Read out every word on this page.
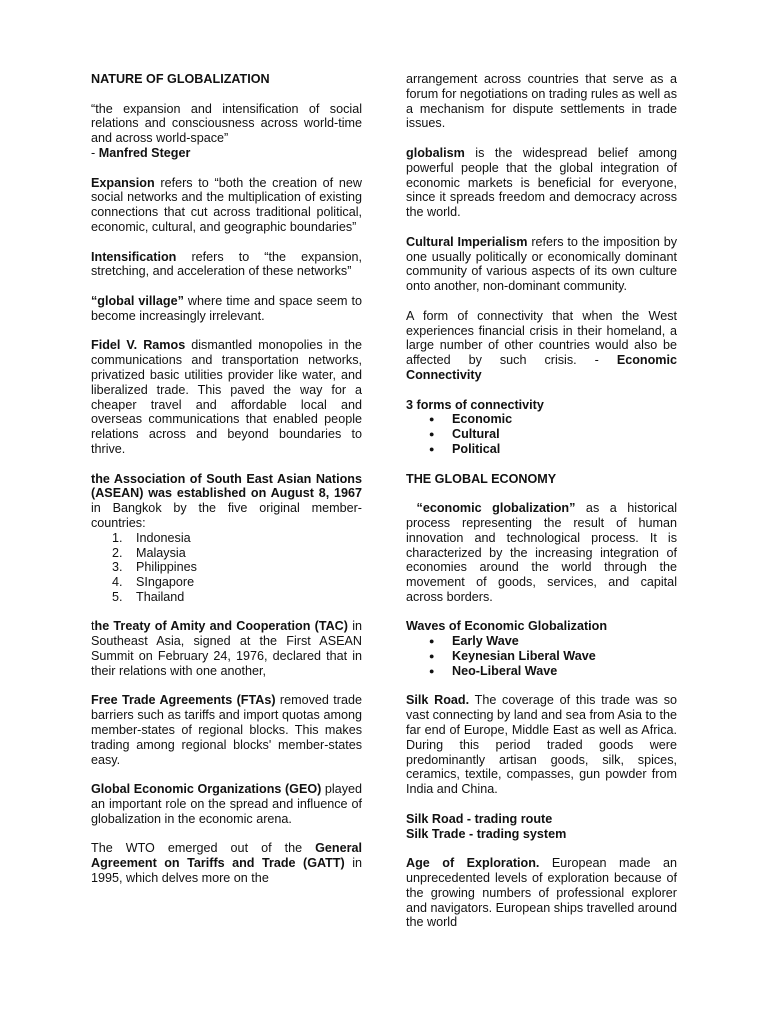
NATURE OF GLOBALIZATION

“the expansion and intensification of social relations and consciousness across world-time and across world-space”
- Manfred Steger

Expansion refers to “both the creation of new social networks and the multiplication of existing connections that cut across traditional political, economic, cultural, and geographic boundaries”

Intensification refers to “the expansion, stretching, and acceleration of these networks”

“global village” where time and space seem to become increasingly irrelevant.

Fidel V. Ramos dismantled monopolies in the communications and transportation networks, privatized basic utilities provider like water, and liberalized trade. This paved the way for a cheaper travel and affordable local and overseas communications that enabled people relations across and beyond boundaries to thrive.

the Association of South East Asian Nations (ASEAN) was established on August 8, 1967 in Bangkok by the five original member-countries:

1. Indonesia
2. Malaysia
3. Philippines
4. SIngapore
5. Thailand

the Treaty of Amity and Cooperation (TAC) in Southeast Asia, signed at the First ASEAN Summit on February 24, 1976, declared that in their relations with one another,

Free Trade Agreements (FTAs) removed trade barriers such as tariffs and import quotas among member-states of regional blocks. This makes trading among regional blocks' member-states easy.

Global Economic Organizations (GEO) played an important role on the spread and influence of globalization in the economic arena.

The WTO emerged out of the General Agreement on Tariffs and Trade (GATT) in 1995, which delves more on the

arrangement across countries that serve as a forum for negotiations on trading rules as well as a mechanism for dispute settlements in trade issues.

globalism is the widespread belief among powerful people that the global integration of economic markets is beneficial for everyone, since it spreads freedom and democracy across the world.

Cultural Imperialism refers to the imposition by one usually politically or economically dominant community of various aspects of its own culture onto another, non-dominant community.

A form of connectivity that when the West experiences financial crisis in their homeland, a large number of other countries would also be affected by such crisis. - Economic Connectivity

3 forms of connectivity
● Economic
● Cultural
● Political
THE GLOBAL ECONOMY

“economic globalization” as a historical process representing the result of human innovation and technological process. It is characterized by the increasing integration of economies around the world through the movement of goods, services, and capital across borders.

Waves of Economic Globalization
● Early Wave
● Keynesian Liberal Wave
● Neo-Liberal Wave

Silk Road. The coverage of this trade was so vast connecting by land and sea from Asia to the far end of Europe, Middle East as well as Africa. During this period traded goods were predominantly artisan goods, silk, spices, ceramics, textile, compasses, gun powder from India and China.

Silk Road - trading route
Silk Trade - trading system

Age of Exploration. European made an unprecedented levels of exploration because of the growing numbers of professional explorer and navigators. European ships travelled around the world
